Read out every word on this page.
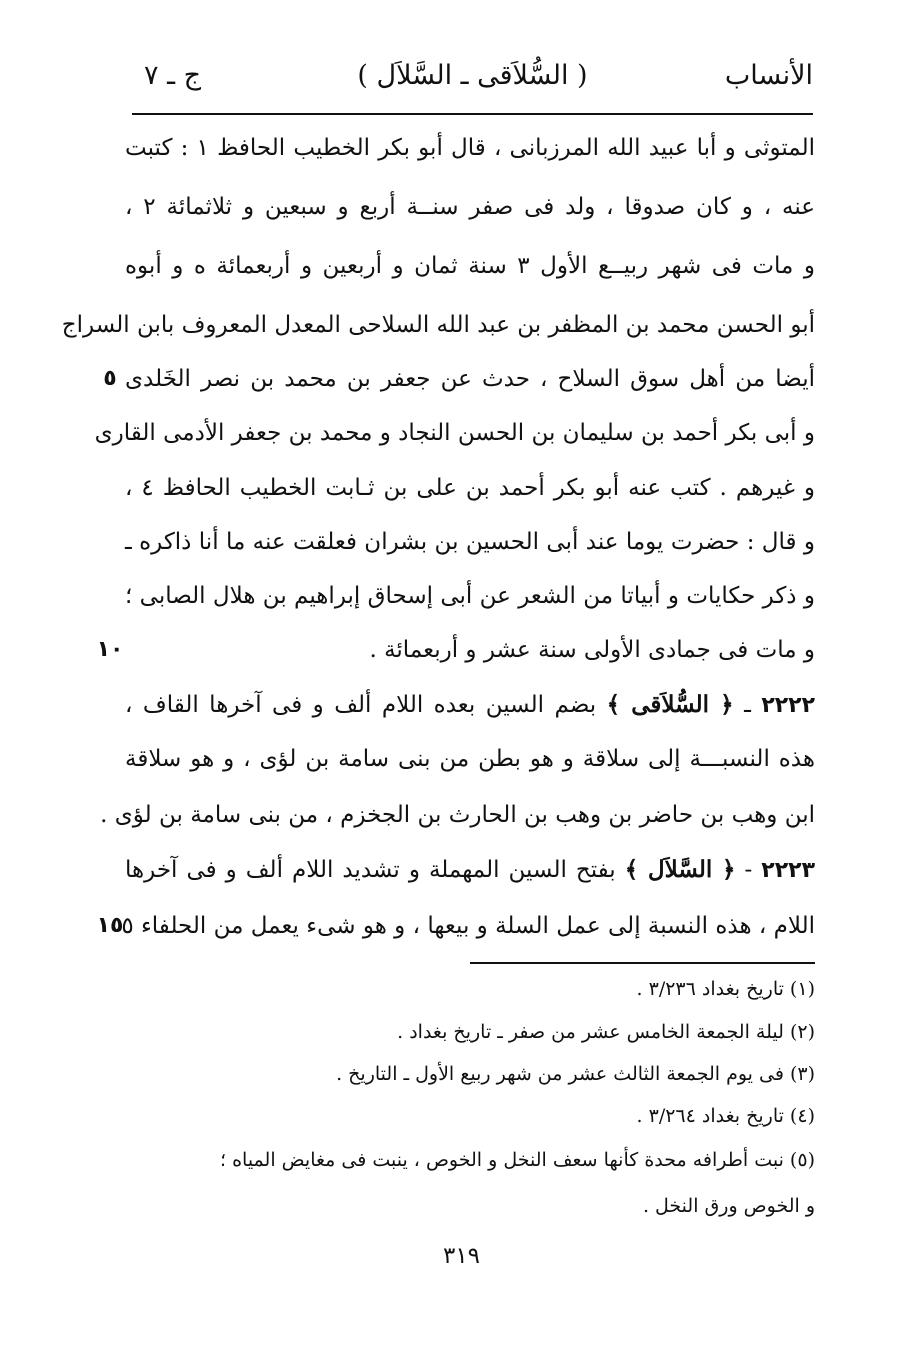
الأنساب
( السُّلاَقى ـ السَّلاَل )
ج ـ ٧
المتوثى و أبا عبيد الله المرزبانى ، قال أبو بكر الخطيب الحافظ ١ : كتبت
عنه ، و كان صدوقا ، ولد فى صفر سنــة أربع و سبعين و ثلاثمائة ٢ ،
و مات فى شهر ربيــع الأول ٣ سنة ثمان و أربعين و أربعمائة ه و أبوه
أبو الحسن محمد بن المظفر بن عبد الله السلاحى المعدل المعروف بابن السراج
أيضا من أهل سوق السلاح ، حدث عن جعفر بن محمد بن نصر الخَلدى
٥
و أبى بكر أحمد بن سليمان بن الحسن النجاد و محمد بن جعفر الأدمى القارى
و غيرهم . كتب عنه أبو بكر أحمد بن على بن ثـابت الخطيب الحافظ ٤ ،
و قال : حضرت يوما عند أبى الحسين بن بشران فعلقت عنه ما أنا ذاكره ـ
و ذكر حكايات و أبياتا من الشعر عن أبى إسحاق إبراهيم بن هلال الصابى ؛
و مات فى جمادى الأولى سنة عشر و أربعمائة .
١٠
٢٢٢٢ ـ ﴿ السُّلاَقى ﴾ بضم السين بعده اللام ألف و فى آخرها القاف ،
هذه النسبـــة إلى سلاقة و هو بطن من بنى سامة بن لؤى ، و هو سلاقة
ابن وهب بن حاضر بن وهب بن الحارث بن الجخزم ، من بنى سامة بن لؤى .
٢٢٢٣ - ﴿ السَّلاَل ﴾ بفتح السين المهملة و تشديد اللام ألف و فى آخرها
اللام ، هذه النسبة إلى عمل السلة و بيعها ، و هو شىء يعمل من الحلفاء ٥
١٥
(١) تاريخ بغداد ٣/٢٣٦ .
(٢) ليلة الجمعة الخامس عشر من صفر ـ تاريخ بغداد .
(٣) فى يوم الجمعة الثالث عشر من شهر ربيع الأول ـ التاريخ .
(٤) تاريخ بغداد ٣/٢٦٤ .
(٥) نبت أطرافه محدة كأنها سعف النخل و الخوص ، ينبت فى مغايض المياه ؛
و الخوص ورق النخل .
٣١٩
